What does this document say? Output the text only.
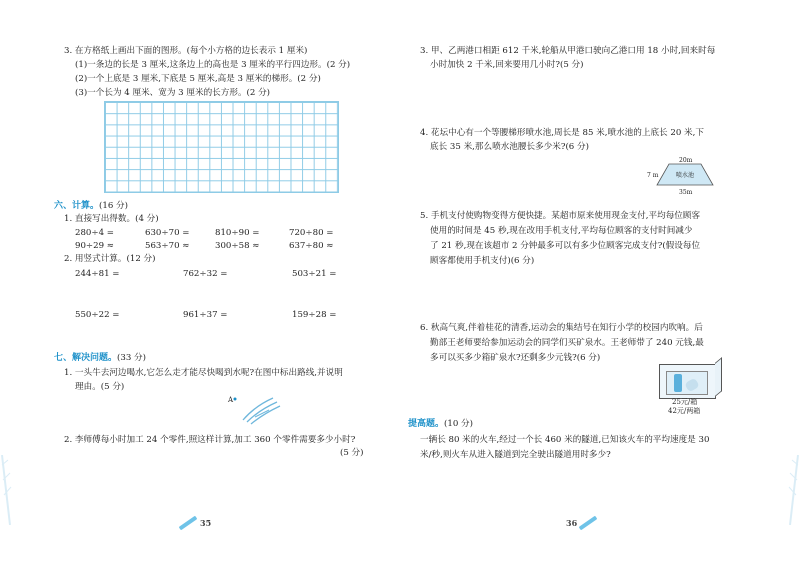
3. 在方格纸上画出下面的图形。(每个小方格的边长表示 1 厘米)
(1)一条边的长是 3 厘米,这条边上的高也是 3 厘米的平行四边形。(2 分)
(2)一个上底是 3 厘米,下底是 5 厘米,高是 3 厘米的梯形。(2 分)
(3)一个长为 4 厘米、宽为 3 厘米的长方形。(2 分)
六、计算。(16 分)
1. 直接写出得数。(4 分)
280÷4 =	630÷70 =	810÷90 =	720÷80 =
90÷29 ≈	563÷70 ≈	300÷58 ≈	637÷80 ≈
2. 用竖式计算。(12 分)
244÷81 =	762÷32 =	503÷21 =
550÷22 =	961÷37 =	159÷28 =
七、解决问题。(33 分)
1. 一头牛去河边喝水,它怎么走才能尽快喝到水呢?在图中标出路线,并说明
理由。(5 分)
A
2. 李师傅每小时加工 24 个零件,照这样计算,加工 360 个零件需要多少小时?
(5 分)
35
3. 甲、乙两港口相距 612 千米,轮船从甲港口驶向乙港口用 18 小时,回来时每
小时加快 2 千米,回来要用几小时?(5 分)
4. 花坛中心有一个等腰梯形喷水池,周长是 85 米,喷水池的上底长 20 米,下
底长 35 米,那么喷水池腰长多少米?(6 分)
20m
喷水池
7 m
35m
5. 手机支付使购物变得方便快捷。某超市原来使用现金支付,平均每位顾客
使用的时间是 45 秒,现在改用手机支付,平均每位顾客的支付时间减少
了 21 秒,现在该超市 2 分钟最多可以有多少位顾客完成支付?(假设每位
顾客都使用手机支付)(6 分)
6. 秋高气爽,伴着桂花的清香,运动会的集结号在知行小学的校园内吹响。后
勤部王老师要给参加运动会的同学们买矿泉水。王老师带了 240 元钱,最
多可以买多少箱矿泉水?还剩多少元钱?(6 分)
25元/箱
42元/两箱
提高题。(10 分)
一辆长 80 米的火车,经过一个长 460 米的隧道,已知该火车的平均速度是 30
米/秒,则火车从进入隧道到完全驶出隧道用时多少?
36
